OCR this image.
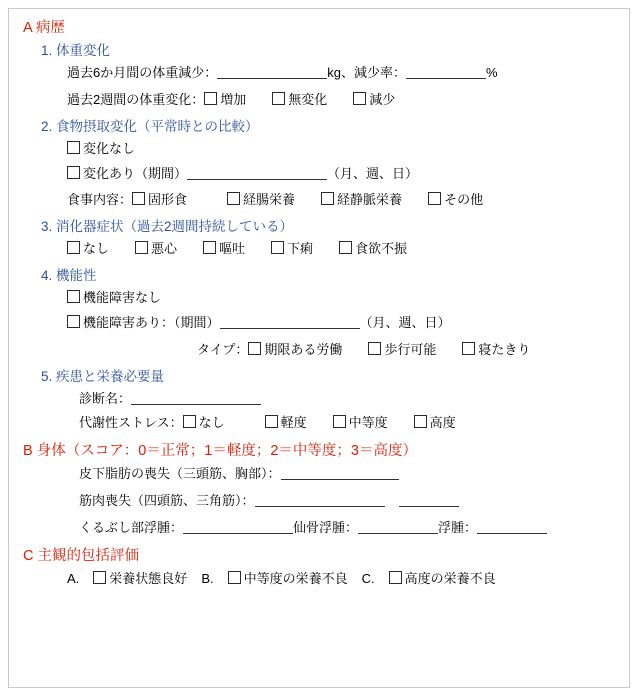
A 病歴
1. 体重変化
過去6か月間の体重減少：	kg、減少率：	%
過去2週間の体重変化： 増加	無変化	減少
2. 食物摂取変化（平常時との比較）
変化なし
変化あり（期間）	（月、週、日）
食事内容： 固形食	経腸栄養	経静脈栄養	その他
3. 消化器症状（過去2週間持続している）
なし	悪心	嘔吐	下痢	食欲不振
4. 機能性
機能障害なし
機能障害あり：（期間）	（月、週、日）
タイプ： 期限ある労働	歩行可能	寝たきり
5. 疾患と栄養必要量
診断名：
代謝性ストレス： なし	軽度	中等度	高度
B 身体（スコア：0＝正常；1＝軽度；2＝中等度；3＝高度）
皮下脂肪の喪失（三頭筋、胸部）：
筋肉喪失（四頭筋、三角筋）：
くるぶし部浮腫：	仙骨浮腫：	浮腫：
C 主観的包括評価
A. 栄養状態良好 B. 中等度の栄養不良 C. 高度の栄養不良
